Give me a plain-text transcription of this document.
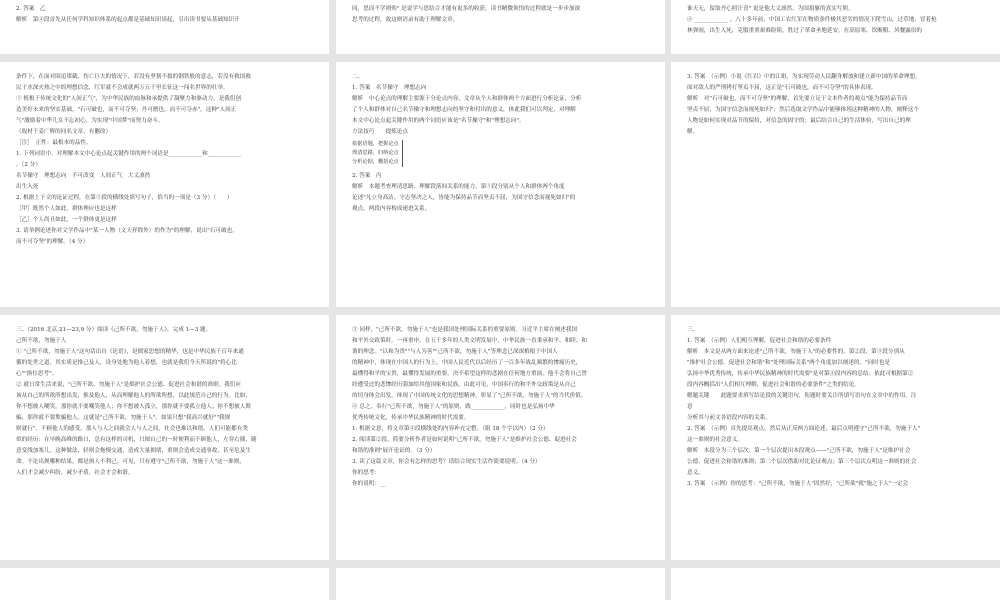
2. 答案　乙
解析　第④段首先从任何学科知识体系的起点都是基础知识谈起，引出读书要从基础知识开
同，思而不学则殆" 是说学与思结合才能有更多的收获，读书精微领悟的过程就是一步步加深
思考的过程，故这则语录有助于理解文章。
谁天无，留取丹心照汗青" 更是他大义凛然、为国捐躯的真实写照。
④ ____________ 。八十多年前，中国工农红军在物质条件极其恶劣的情况下爬雪山，过草地，冒着枪
林弹雨，出生入死，克服重重艰难险阻，胜过了革命圣地延安。在高原寒、饮断粮、风餐露宿的
条件下，在面对围追堵截、伤亡巨大的情况下，若没有坚韧不拔的钢铁般的意志，若没有救国救
民于水深火热之中的理想信念，红军就不会成就两万五千里长征这一闯名世界的壮举。
⑤ 植根于传统文化的"人间正气"，为中华民族的血脉和承提供了凝聚力和驱动力，是我们创
造美好未来的坚实基础。"石可破也，而不可夺坚；丹可磨也，而不可夺赤"，这种"人间正
气"激励着中华儿女不忘初心，为实现"中国梦"而努力奋斗。
（取材于姜广辉的同名文章，有删改）
［注］　正性：最根本的品性。
1. 下列词语中，对理解本文中心论点起关键作用的两个词语是____________和____________
。（2 分）
名节操守　理想志向　不可改变　人间正气　大义凛然
出生入死
2. 根据上下文的论证过程，在第⑤段的横线处填写句子，恰当的一项是（3 分）（　　）
［甲］既然个人如此，群体理应也是这样
［乙］个人尚且如此，一个群体更是这样
3. 请举例论述你对文学作品中"某一人物（文天祥除外）的作为"的理解，说出"石可破也，
而不可夺坚"的理解。（4 分）
二、
1. 答案　名节操守　理想志向
解析　中心论点的理解主要源于分论点内容，文章从个人和群体两个方面进行分析论证，分析
了个人和群体对自己名节操守和理想志向的坚守和付出的意义，体此我们可以判定，对理解
本文中心论点起关键作用的两个词语应该是"名节操守"和"理想志向"。
方法技巧　　提炼论点
依据语题，把握论点
理清思路，归纳论点
分析论据，概括论点
2. 答案　丙
解析　本题考查理清思路、理解段落间关系的能力。第⑤段分别从个人和群体两个角度
论述"凡立身高洁、守志坚决之人，皆能为保持品节而坚贞不屈，为国守信念而视死如归"的
观点，两段内容构成递进关系。
3. 答案　（示例）小说《红岩》中的江姐，为实现劳动人民翻身解放和建立新中国的革命理想，
面对敌人的严刑拷打坚贞不屈，这正是"石可破也，而不可夺坚"的具体表现。
解析　对"石可破也，而不可夺坚"的理解，首先要立足于文本作者的观点"能为保持品节而
坚贞不屈，为国守信念而视死如归"；然后选取文学作品中能够体现这种精神的人物，阐释这个
人物是如何实现对品节的保持，对信念的固守的；最后结合自己的生活体验，写出自己的理
解。
三、（2016 北京,21—23,9 分）阅读《己所不欲，勿施于人》，完成 1—3 题。
己所不欲，勿施于人
① "己所不欲，勿施于人"这句话出自《论语》，是儒家思想的精华，也是中华民族千百年来通
循的处世之道。其实质是推己及人，设身处地为他人着想，也就是我们今天所说的"将心比
心""换位思考"。
② 就日常生活来说，"己所不欲，勿施于人"是维护社会公德、促进社会和谐的准则。我们应
该从自己的所欲所想出发，推及他人，从而理解他人的所欲所想，以此规范自己的行为。比如，
你不想被人嘲笑，那你就不要嘲笑他人；你不想被人孤立，那你就不要孤立他人；你不想被人欺
骗，那你就不要欺骗他人。这就是"己所不欲，勿施于人"。如果只想"我高兴就好""我规
则就行"，不顾他人的感受，那人与人之间就会人与人之间，社会也难以和谐。人们可能都有类
似的经历：在早晚高峰的路口，总有这样的司机，只图自己的一时便利而不顾他人，左穿右插，随
意变线加塞儿。这种做法，轻则会拖慢交通，造成大量拥堵，重则会造成交通事故，甚至危及生
命。不论出规哪种结果，都是损人不利己。可见，只有遵守"己所不欲，勿施于人"这一准则，
人们才会减少纠纷，减少矛盾，社会才会和谐。
③ 同样，"己所不欲，勿施于人"也是我国处理国际关系的重要原则。习近平主席在阐述我国
和平外交政策时，一再重申，在五千多年的人类文明发展中，中华民族一直秉承和平、和睦、和
谐的理念。"以和为贵""与人为善""己所不欲，勿施于人"等理念已深深植根于中国人
的精神中，体现在中国人的行为上。中国人民近代以后经历了一百多年战乱频繁的惨痛历史，
最懂得和平的宝贵，最懂得发展的重要，决不希望这样的悲剧在任何地方重演。他不会将自己曾
经遭受过的悲惨经历强加给其他国家和民族。由此可见，中国奉行的和平外交政策是从自己
的切身体会出发，体现了中国传统文化的思想精神，彰显了"己所不欲，勿施于人"的当代价值。
④ 总之，奉行"己所不欲，勿施于人"的原则，践____________，同时也是弘扬中华
优秀传统文化，传承中华民族精神的时代需要。
1. 根据文意，将文章第④段横线处的内容补充完整。（限 18 个字以内）（2 分）
2. 阅读第②段，简要分析作者是如何说明"己所不欲，勿施于人"是维护社会公德、促进社会
和谐的准则"展开论证的。（3 分）
3. 读了这篇文章，你会有怎样的思考？请结合现实生活作简要说明。（4 分）
你的思考：
你的说明：__
三、
1. 答案　（示例）人们相互理解，促进社会和谐的必要条件
解析　本文是从两方面来论述"己所不欲，勿施于人"的必要性的。第②段、第③段分别从
"推护社会公德、促进社会和谐"和"处理国际关系"两个角度加以阐述的。"同时也是
弘扬中华优秀传统，传承中华民族精神的时代需要"是对第④段内容的总结；依此可根据第②
段内容概括出"人们相互理解，促进社会和谐的必要条件"之类的结论。
解题关键　　此题要求填写结论段的关键语句，衔题时要关注所填写语句在文章中的作用，注
意
分析其与前文各语段内容的关系。
2. 答案　（示例）首先提出观点，然后从正反两方面论述，最后点明遵守"己所不欲，勿施于人"
这一准则的社会意义。
解析　本段分为三个层次：第一个层次提出本段观点——"己所不欲，勿施于人"是维护社会
公德、促进社会和谐的准则；第二个层次借助对比论证观点；第三个层次点明这一准则的社会
意义。
3. 答案　（示例）你的思考："己所不欲，勿施于人"固然好，"己所欲"就"施之于人"一定会
